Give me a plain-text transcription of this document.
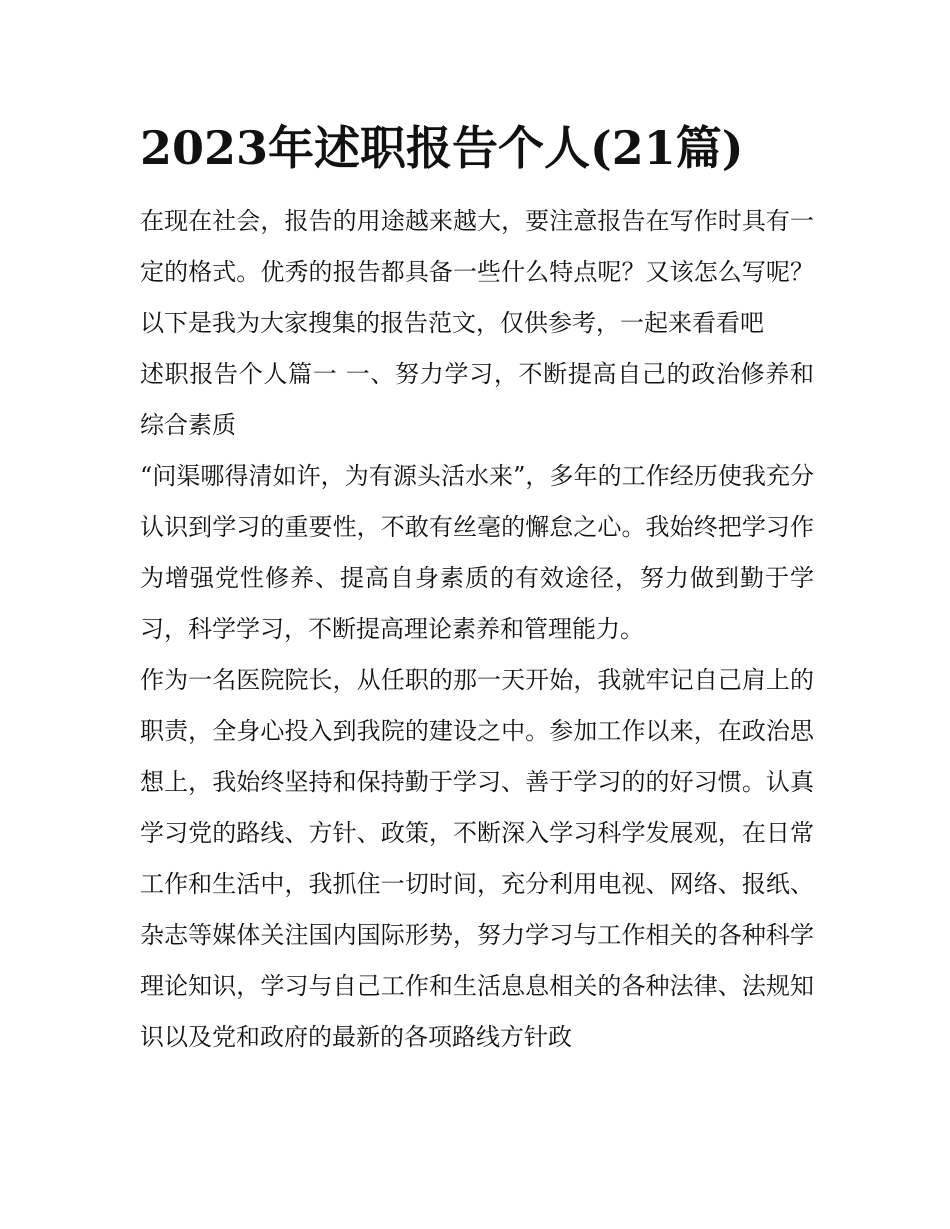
2023年述职报告个人(21篇)

在现在社会，报告的用途越来越大，要注意报告在写作时具有一定的格式。优秀的报告都具备一些什么特点呢？又该怎么写呢？以下是我为大家搜集的报告范文，仅供参考，一起来看看吧

述职报告个人篇一 一、努力学习，不断提高自己的政治修养和综合素质

“问渠哪得清如许，为有源头活水来”，多年的工作经历使我充分认识到学习的重要性，不敢有丝毫的懈怠之心。我始终把学习作为增强党性修养、提高自身素质的有效途径，努力做到勤于学习，科学学习，不断提高理论素养和管理能力。

作为一名医院院长，从任职的那一天开始，我就牢记自己肩上的职责，全身心投入到我院的建设之中。参加工作以来，在政治思想上，我始终坚持和保持勤于学习、善于学习的的好习惯。认真学习党的路线、方针、政策，不断深入学习科学发展观，在日常工作和生活中，我抓住一切时间，充分利用电视、网络、报纸、杂志等媒体关注国内国际形势，努力学习与工作相关的各种科学理论知识，学习与自己工作和生活息息相关的各种法律、法规知识以及党和政府的最新的各项路线方针政
